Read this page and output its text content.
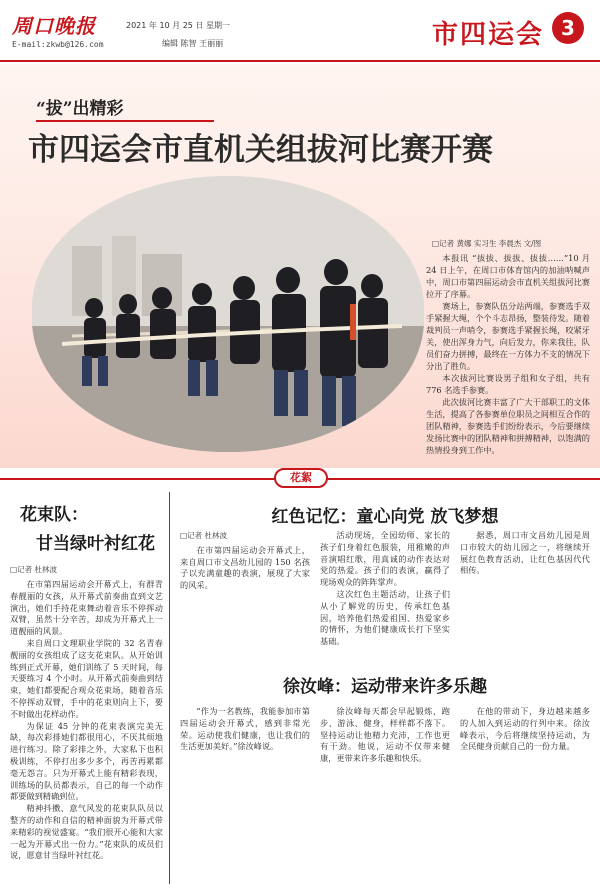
周口晚报
E-mail:zkwb@126.com
2021 年 10 月 25 日 星期一
编辑 陈智 王丽丽	市四运会 3
“拔”出精彩
市四运会市直机关组拔河比赛开赛
□记者 黄娜 实习生 李晨杰 文/图

本报讯 “拔拔、拔拔、拔拔……”10 月 24 日上午，在周口市体育馆内的加油呐喊声中，周口市第四届运动会市直机关组拔河比赛拉开了序幕。

赛场上，参赛队伍分站两端，参赛选手双手紧握大绳，个个斗志昂扬，整装待发。随着裁判员一声哨令，参赛选手紧握长绳，咬紧牙关，使出浑身力气，向后发力，你来我往，队员们奋力拼搏，最终在一方体力不支的情况下分出了胜负。

本次拔河比赛设男子组和女子组，共有 776 名选手参赛。

此次拔河比赛丰富了广大干部职工的文体生活，提高了各参赛单位职员之间相互合作的团队精神，参赛选手们纷纷表示，今后要继续发扬比赛中的团队精神和拼搏精神，以饱满的热情投身到工作中。

花絮
花束队：
甘当绿叶衬红花
□记者 杜林波

在市第四届运动会开幕式上，有群青春靓丽的女孩，从开幕式前奏曲直到文艺演出，她们手持花束舞动着音乐不停挥动双臂，虽然十分辛苦，却成为开幕式上一道靓丽的风景。

来自周口文理职业学院的 32 名青春靓丽的女孩组成了这支花束队。从开始训练到正式开幕，她们训练了 5 天时间，每天要练习 4 个小时。从开幕式前奏曲到结束，她们都要配合观众花束场，随着音乐不停挥动双臂，手中的花束则向上下，要不时做出花样动作。

为保证 45 分钟的花束表演完美无缺，每次彩排她们都很用心，不厌其烦地进行练习。除了彩排之外，大家私下也积极训练，不停打出多少多个，再苦再累都毫无怨言。只为开幕式上能有精彩表现，训练场的队员都表示，自己的每一个动作都要做到精确到位。

精神抖擞、意气风发的花束队队员以整齐的动作和自信的精神面貌为开幕式带来精彩的视觉盛宴。“我们很开心能和大家一起为开幕式出一份力。”花束队的成员们说，愿意甘当绿叶衬红花。

红色记忆：童心向党 放飞梦想
□记者 杜林波

在市第四届运动会开幕式上，来自周口市文昌幼儿园的 150 名孩子以充满童趣的表演，展现了大家的风采。

活动现场，全园幼师、家长的孩子们身着红色服装，用稚嫩的声音演唱红歌，用真诚的动作表达对党的热爱。孩子们的表演，赢得了现场观众的阵阵掌声。

这次红色主题活动，让孩子们从小了解党的历史，传承红色基因，培养他们热爱祖国、热爱家乡的情怀，为他们健康成长打下坚实基础。

据悉，周口市文昌幼儿园是周口市较大的幼儿园之一，将继续开展红色教育活动，让红色基因代代相传。

徐汝峰：运动带来许多乐趣

“作为一名教练，我能参加市第四届运动会开幕式，感到非常光荣。运动使我们健康，也让我们的生活更加美好。”徐汝峰说。

徐汝峰每天都会早起锻炼，跑步、游泳、健身，样样都不落下。坚持运动让他精力充沛，工作也更有干劲。他说，运动不仅带来健康，更带来许多乐趣和快乐。

在他的带动下，身边越来越多的人加入到运动的行列中来。徐汝峰表示，今后将继续坚持运动，为全民健身贡献自己的一份力量。
